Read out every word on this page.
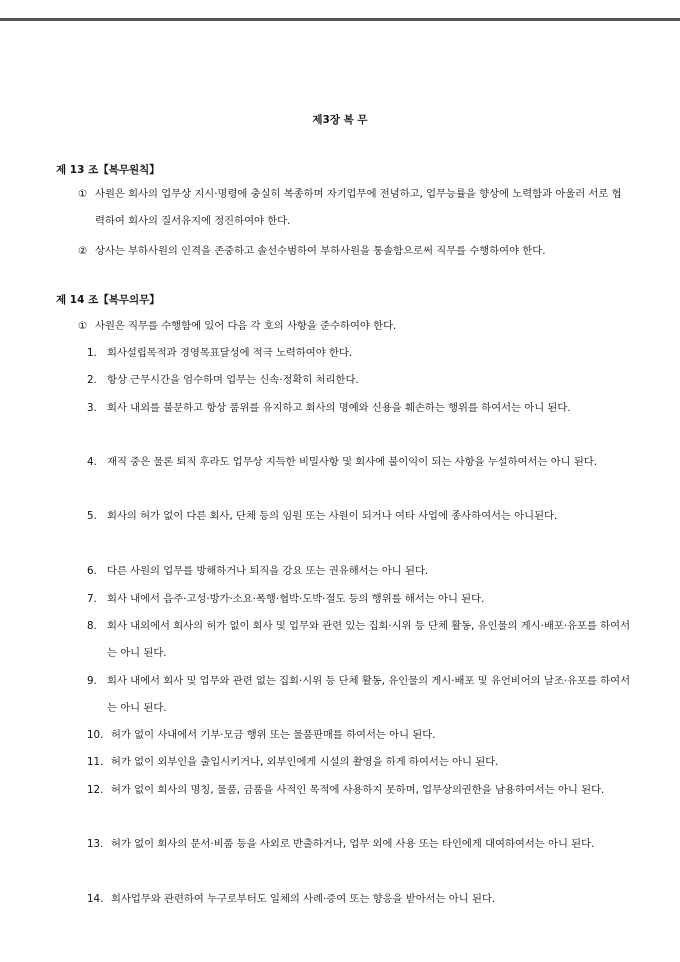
제3장 복 무
제 13 조【복무원칙】
① 사원은 회사의 업무상 지시·명령에 충실히 복종하며 자기업무에 전념하고, 업무능률을 향상에 노력함과 아울러 서로 협력하여 회사의 질서유지에 정진하여야 한다.
② 상사는 부하사원의 인격을 존중하고 솔선수범하여 부하사원을 통솔함으로써 직무를 수행하여야 한다.
제 14 조【복무의무】
① 사원은 직무를 수행함에 있어 다음 각 호의 사항을 준수하여야 한다.
1. 회사설립목적과 경영목표달성에 적극 노력하여야 한다.
2. 항상 근무시간을 엄수하며 업무는 신속·정확히 처리한다.
3. 회사 내외를 불문하고 항상 품위를 유지하고 회사의 명예와 신용을 훼손하는 행위를 하여서는 아니 된다.
4. 재직 중은 물론 퇴직 후라도 업무상 지득한 비밀사항 및 회사에 불이익이 되는 사항을 누설하여서는 아니 된다.
5. 회사의 허가 없이 다른 회사, 단체 등의 임원 또는 사원이 되거나 여타 사업에 종사하여서는 아니된다.
6. 다른 사원의 업무를 방해하거나 퇴직을 강요 또는 권유해서는 아니 된다.
7. 회사 내에서 음주·고성·방가·소요·폭행·협박·도박·절도 등의 행위를 해서는 아니 된다.
8. 회사 내외에서 회사의 허가 없이 회사 및 업무와 관련 있는 집회·시위 등 단체 활동, 유인물의 게시·배포·유포를 하여서는 아니 된다.
9. 회사 내에서 회사 및 업무와 관련 없는 집회·시위 등 단체 활동, 유인물의 게시·배포 및 유언비어의 날조·유포를 하여서는 아니 된다.
10. 허가 없이 사내에서 기부·모금 행위 또는 물품판매를 하여서는 아니 된다.
11. 허가 없이 외부인을 출입시키거나, 외부인에게 시설의 촬영을 하게 하여서는 아니 된다.
12. 허가 없이 회사의 명칭, 물품, 금품을 사적인 목적에 사용하지 못하며, 업무상의권한을 남용하여서는 아니 된다.
13. 허가 없이 회사의 문서·비품 등을 사외로 반출하거나, 업무 외에 사용 또는 타인에게 대여하여서는 아니 된다.
14. 회사업무와 관련하여 누구로부터도 일체의 사례·증여 또는 향응을 받아서는 아니 된다.
